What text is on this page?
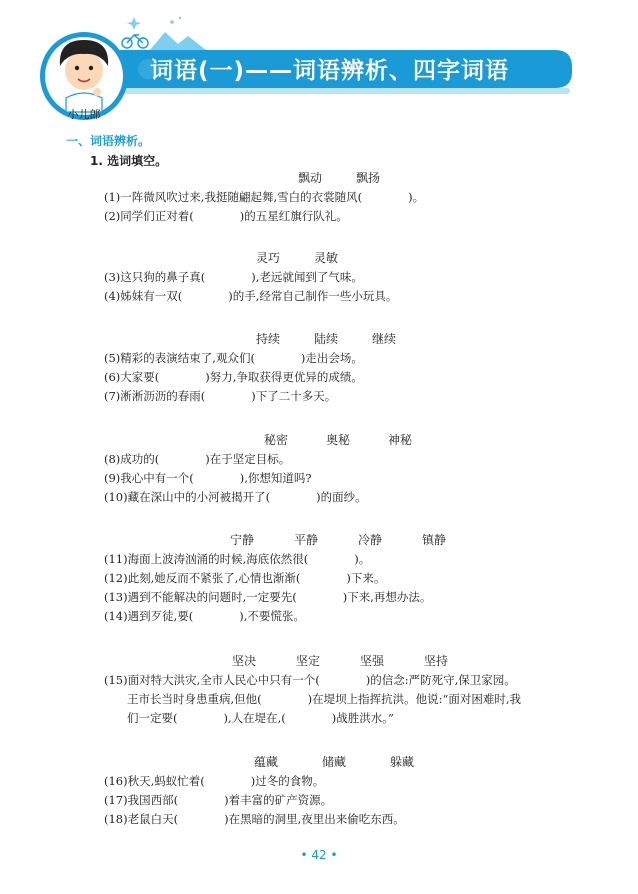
词语(一)——词语辨析、四字词语
小儿郎
一、词语辨析。
1. 选词填空。
飘动	飘扬
(1)一阵微风吹过来,我挺随翩起舞,雪白的衣裳随风(　　　　)。
(2)同学们正对着(　　　　)的五星红旗行队礼。
灵巧	灵敏
(3)这只狗的鼻子真(　　　　),老远就闻到了气味。
(4)姊妹有一双(　　　　)的手,经常自己制作一些小玩具。
持续	陆续	继续
(5)精彩的表演结束了,观众们(　　　　)走出会场。
(6)大家要(　　　　)努力,争取获得更优异的成绩。
(7)淅淅沥沥的春雨(　　　　)下了二十多天。
秘密	奥秘	神秘
(8)成功的(　　　　)在于坚定目标。
(9)我心中有一个(　　　　),你想知道吗?
(10)藏在深山中的小河被揭开了(　　　　)的面纱。
宁静	平静	冷静	镇静
(11)海面上波涛汹涌的时候,海底依然很(　　　　)。
(12)此刻,她反而不紧张了,心情也渐渐(　　　　)下来。
(13)遇到不能解决的问题时,一定要先(　　　　)下来,再想办法。
(14)遇到歹徒,要(　　　　),不要慌张。
坚决	坚定	坚强	坚持
(15)面对特大洪灾,全市人民心中只有一个(　　　　)的信念:严防死守,保卫家园。
　　王市长当时身患重病,但他(　　　　)在堤坝上指挥抗洪。他说:“面对困难时,我
　　们一定要(　　　　),人在堤在,(　　　　)战胜洪水。”
蕴藏	储藏	躲藏
(16)秋天,蚂蚁忙着(　　　　)过冬的食物。
(17)我国西部(　　　　)着丰富的矿产资源。
(18)老鼠白天(　　　　)在黑暗的洞里,夜里出来偷吃东西。
• 42 •
